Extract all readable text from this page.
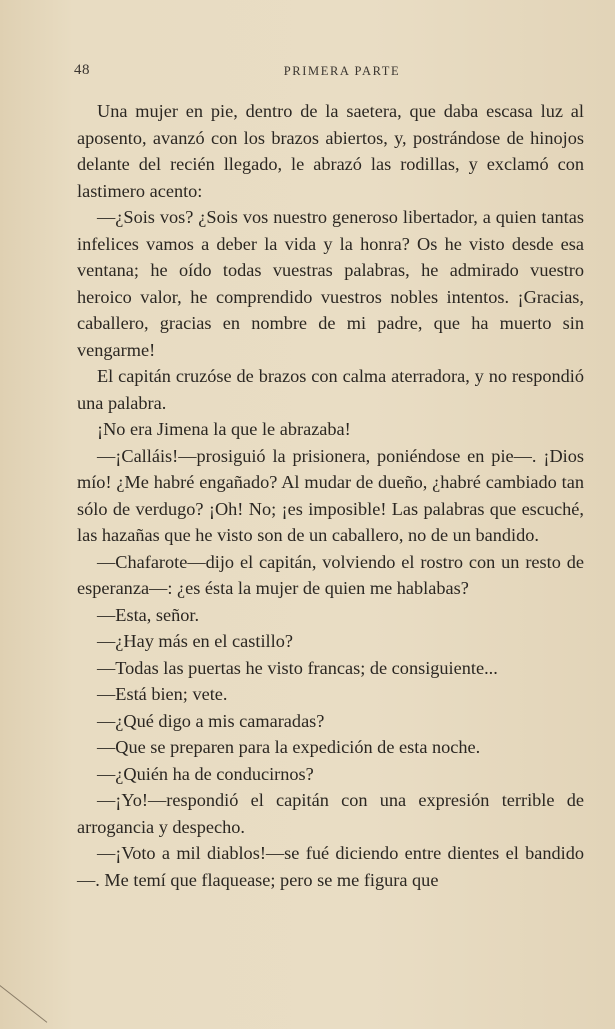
48	PRIMERA PARTE

Una mujer en pie, dentro de la saetera, que daba escasa luz al aposento, avanzó con los brazos abiertos, y, postrándose de hinojos delante del recién llegado, le abrazó las rodillas, y exclamó con lastimero acento:

—¿Sois vos? ¿Sois vos nuestro generoso libertador, a quien tantas infelices vamos a deber la vida y la honra? Os he visto desde esa ventana; he oído todas vuestras palabras, he admirado vuestro heroico valor, he comprendido vuestros nobles intentos. ¡Gracias, caballero, gracias en nombre de mi padre, que ha muerto sin vengarme!

El capitán cruzóse de brazos con calma aterradora, y no respondió una palabra.

¡No era Jimena la que le abrazaba!

—¡Calláis!—prosiguió la prisionera, poniéndose en pie—. ¡Dios mío! ¿Me habré engañado? Al mudar de dueño, ¿habré cambiado tan sólo de verdugo? ¡Oh! No; ¡es imposible! Las palabras que escuché, las hazañas que he visto son de un caballero, no de un bandido.

—Chafarote—dijo el capitán, volviendo el rostro con un resto de esperanza—: ¿es ésta la mujer de quien me hablabas?

—Esta, señor.

—¿Hay más en el castillo?

—Todas las puertas he visto francas; de consiguiente...

—Está bien; vete.

—¿Qué digo a mis camaradas?

—Que se preparen para la expedición de esta noche.

—¿Quién ha de conducirnos?

—¡Yo!—respondió el capitán con una expresión terrible de arrogancia y despecho.

—¡Voto a mil diablos!—se fué diciendo entre dientes el bandido—. Me temí que flaquease; pero se me figura que
